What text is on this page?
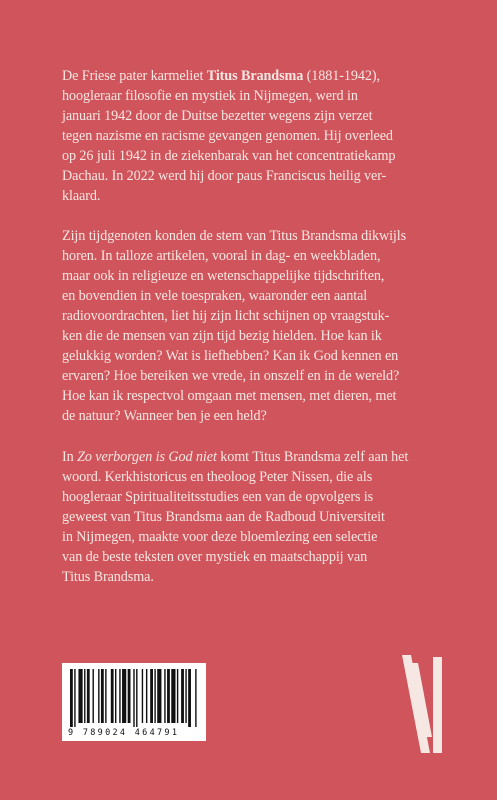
De Friese pater karmeliet Titus Brandsma (1881-1942),
hoogleraar filosofie en mystiek in Nijmegen, werd in
januari 1942 door de Duitse bezetter wegens zijn verzet
tegen nazisme en racisme gevangen genomen. Hij overleed
op 26 juli 1942 in de ziekenbarak van het concentratiekamp
Dachau. In 2022 werd hij door paus Franciscus heilig ver-
klaard.
Zijn tijdgenoten konden de stem van Titus Brandsma dikwijls
horen. In talloze artikelen, vooral in dag- en weekbladen,
maar ook in religieuze en wetenschappelijke tijdschriften,
en bovendien in vele toespraken, waaronder een aantal
radiovoordrachten, liet hij zijn licht schijnen op vraagstuk-
ken die de mensen van zijn tijd bezig hielden. Hoe kan ik
gelukkig worden? Wat is liefhebben? Kan ik God kennen en
ervaren? Hoe bereiken we vrede, in onszelf en in de wereld?
Hoe kan ik respectvol omgaan met mensen, met dieren, met
de natuur? Wanneer ben je een held?
In Zo verborgen is God niet komt Titus Brandsma zelf aan het
woord. Kerkhistoricus en theoloog Peter Nissen, die als
hoogleraar Spiritualiteitsstudies een van de opvolgers is
geweest van Titus Brandsma aan de Radboud Universiteit
in Nijmegen, maakte voor deze bloemlezing een selectie
van de beste teksten over mystiek en maatschappij van
Titus Brandsma.
9 789024 464791
